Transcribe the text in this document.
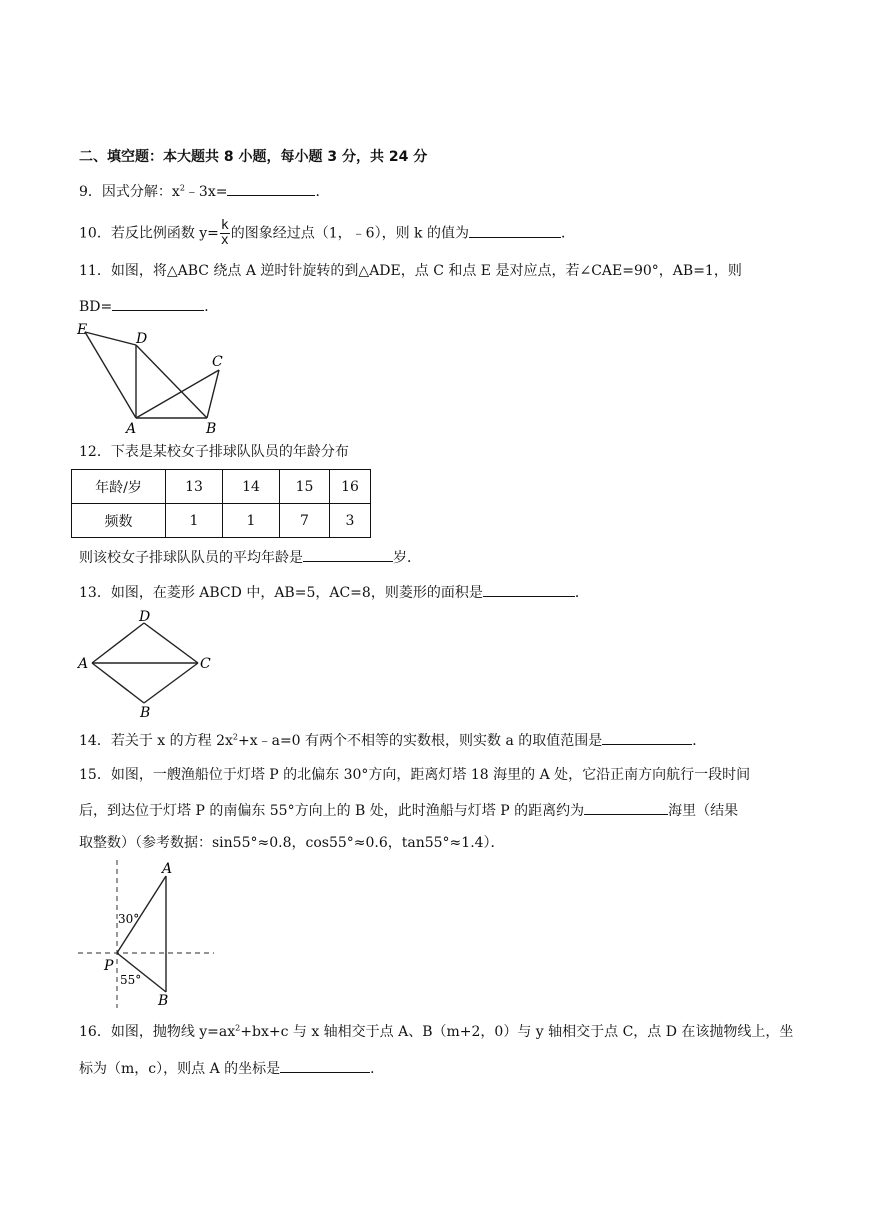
二、填空题：本大题共 8 小题，每小题 3 分，共 24 分
9．因式分解：$x^2﹣3x=$	．
10．若反比例函数 $y= \frac{k}{x}$ 的图象经过点（1，﹣6），则 k 的值为	．
11．如图，将△ABC 绕点 A 逆时针旋转的到△ADE，点 C 和点 E 是对应点，若∠CAE=90°，AB=1，则
BD=	．
E
D
C
A	B
12．下表是某校女子排球队队员的年龄分布
年龄/岁	13	14	15	16
频数	1	1	7	3
则该校女子排球队队员的平均年龄是	岁．
13．如图，在菱形 ABCD 中，AB=5，AC=8，则菱形的面积是	．
D
A	C
B
14．若关于 x 的方程 $2x^2+x﹣a=0$ 有两个不相等的实数根，则实数 a 的取值范围是	．
15．如图，一艘渔船位于灯塔 P 的北偏东 30°方向，距离灯塔 18 海里的 A 处，它沿正南方向航行一段时间
后，到达位于灯塔 P 的南偏东 55°方向上的 B 处，此时渔船与灯塔 P 的距离约为	海里（结果
取整数）（参考数据：sin55°≈0.8，cos55°≈0.6，tan55°≈1.4）．
A
P
B
30°
55°
16．如图，抛物线 $y=ax^2+bx+c$ 与 x 轴相交于点 A、B（m+2，0）与 y 轴相交于点 C，点 D 在该抛物线上，坐
标为（m，c），则点 A 的坐标是	．
